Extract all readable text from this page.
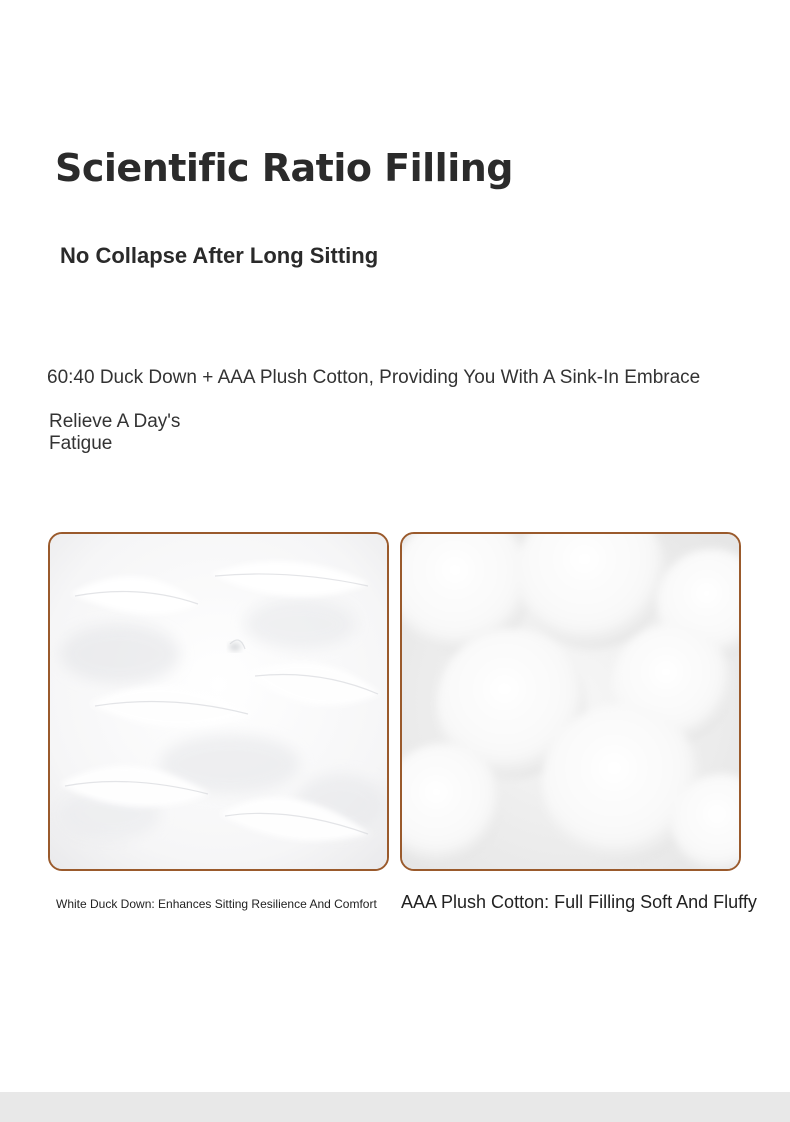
Scientific Ratio Filling
No Collapse After Long Sitting

60:40 Duck Down + AAA Plush Cotton, Providing You With A Sink-In Embrace

Relieve A Day's Fatigue

White Duck Down: Enhances Sitting Resilience And Comfort AAA Plush Cotton: Full Filling Soft And Fluffy
